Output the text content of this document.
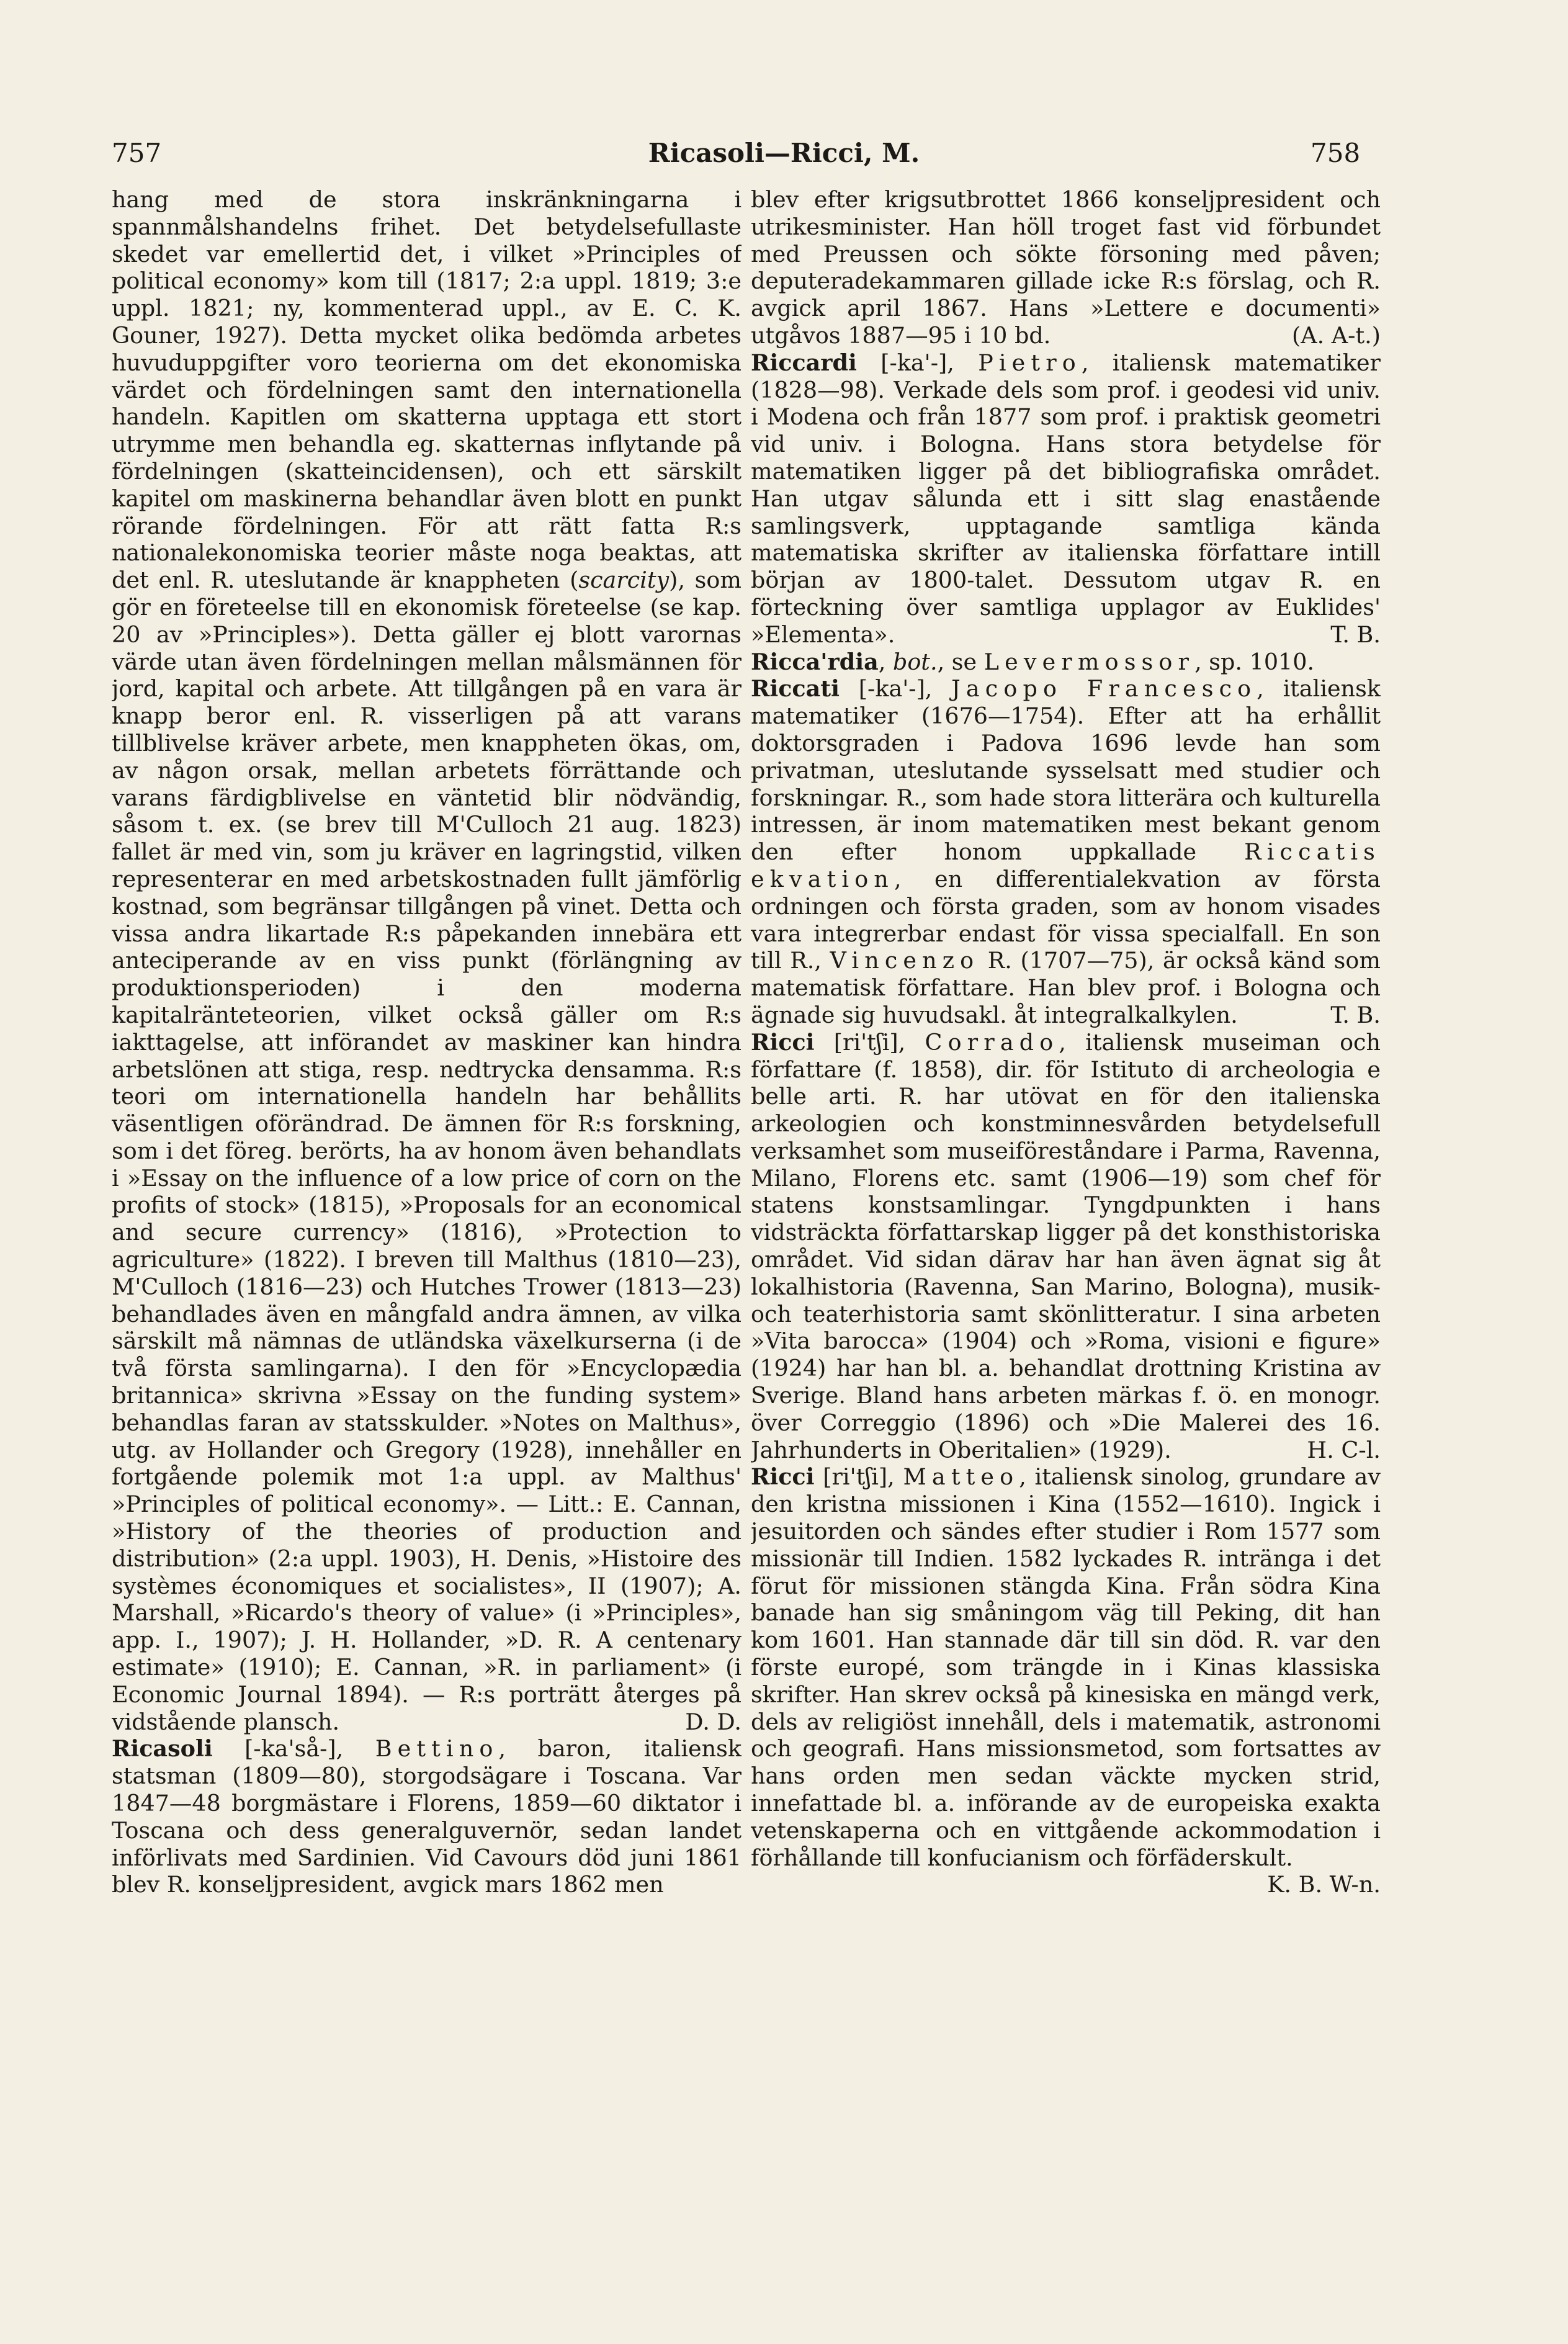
757	Ricasoli—Ricci, M.	758

hang med de stora inskränkningarna i spannmålshandelns frihet. Det betydelsefullaste skedet var emellertid det, i vilket »Principles of political economy» kom till (1817; 2:a uppl. 1819; 3:e uppl. 1821; ny, kommenterad uppl., av E. C. K. Gouner, 1927). Detta mycket olika bedömda arbetes huvuduppgifter voro teorierna om det ekonomiska värdet och fördelningen samt den internationella handeln. Kapitlen om skatterna upptaga ett stort utrymme men behandla eg. skatternas inflytande på fördelningen (skatteincidensen), och ett särskilt kapitel om maskinerna behandlar även blott en punkt rörande fördelningen. För att rätt fatta R:s nationalekonomiska teorier måste noga beaktas, att det enl. R. uteslutande är knappheten (scarcity), som gör en företeelse till en ekonomisk företeelse (se kap. 20 av »Principles»). Detta gäller ej blott varornas värde utan även fördelningen mellan målsmännen för jord, kapital och arbete. Att tillgången på en vara är knapp beror enl. R. visserligen på att varans tillblivelse kräver arbete, men knappheten ökas, om, av någon orsak, mellan arbetets förrättande och varans färdigblivelse en väntetid blir nödvändig, såsom t. ex. (se brev till M'Culloch 21 aug. 1823) fallet är med vin, som ju kräver en lagringstid, vilken representerar en med arbetskostnaden fullt jämförlig kostnad, som begränsar tillgången på vinet. Detta och vissa andra likartade R:s påpekanden innebära ett anteciperande av en viss punkt (förlängning av produktionsperioden) i den moderna kapitalränteteorien, vilket också gäller om R:s iakttagelse, att införandet av maskiner kan hindra arbetslönen att stiga, resp. nedtrycka densamma. R:s teori om internationella handeln har behållits väsentligen oförändrad. De ämnen för R:s forskning, som i det föreg. berörts, ha av honom även behandlats i »Essay on the influence of a low price of corn on the profits of stock» (1815), »Proposals for an economical and secure currency» (1816), »Protection to agriculture» (1822). I breven till Malthus (1810—23), M'Culloch (1816—23) och Hutches Trower (1813—23) behandlades även en mångfald andra ämnen, av vilka särskilt må nämnas de utländska växelkurserna (i de två första samlingarna). I den för »Encyclopædia britannica» skrivna »Essay on the funding system» behandlas faran av statsskulder. »Notes on Malthus», utg. av Hollander och Gregory (1928), innehåller en fortgående polemik mot 1:a uppl. av Malthus' »Principles of political economy». — Litt.: E. Cannan, »History of the theories of production and distribution» (2:a uppl. 1903), H. Denis, »Histoire des systèmes économiques et socialistes», II (1907); A. Marshall, »Ricardo's theory of value» (i »Principles», app. I., 1907); J. H. Hollander, »D. R. A centenary estimate» (1910); E. Cannan, »R. in parliament» (i Economic Journal 1894). — R:s porträtt återges på vidstående plansch.	D. D.

Ricasoli [-ka'så-], Bettino, baron, italiensk statsman (1809—80), storgodsägare i Toscana. Var 1847—48 borgmästare i Florens, 1859—60 diktator i Toscana och dess generalguvernör, sedan landet införlivats med Sardinien. Vid Cavours död juni 1861 blev R. konseljpresident, avgick mars 1862 men

blev efter krigsutbrottet 1866 konseljpresident och utrikesminister. Han höll troget fast vid förbundet med Preussen och sökte försoning med påven; deputeradekammaren gillade icke R:s förslag, och R. avgick april 1867. Hans »Lettere e documenti» utgåvos 1887—95 i 10 bd.	(A. A-t.)

Riccardi [-ka'-], Pietro, italiensk matematiker (1828—98). Verkade dels som prof. i geodesi vid univ. i Modena och från 1877 som prof. i praktisk geometri vid univ. i Bologna. Hans stora betydelse för matematiken ligger på det bibliografiska området. Han utgav sålunda ett i sitt slag enastående samlingsverk, upptagande samtliga kända matematiska skrifter av italienska författare intill början av 1800-talet. Dessutom utgav R. en förteckning över samtliga upplagor av Euklides' »Elementa».	T. B.

Ricca'rdia, bot., se Levermossor, sp. 1010.

Riccati [-ka'-], Jacopo Francesco, italiensk matematiker (1676—1754). Efter att ha erhållit doktorsgraden i Padova 1696 levde han som privatman, uteslutande sysselsatt med studier och forskningar. R., som hade stora litterära och kulturella intressen, är inom matematiken mest bekant genom den efter honom uppkallade Riccatis ekvation, en differentialekvation av första ordningen och första graden, som av honom visades vara integrerbar endast för vissa specialfall. En son till R., Vincenzo R. (1707—75), är också känd som matematisk författare. Han blev prof. i Bologna och ägnade sig huvudsakl. åt integralkalkylen.	T. B.

Ricci [ri'tʃi], Corrado, italiensk museiman och författare (f. 1858), dir. för Istituto di archeologia e belle arti. R. har utövat en för den italienska arkeologien och konstminnesvården betydelsefull verksamhet som museiföreståndare i Parma, Ravenna, Milano, Florens etc. samt (1906—19) som chef för statens konstsamlingar. Tyngdpunkten i hans vidsträckta författarskap ligger på det konsthistoriska området. Vid sidan därav har han även ägnat sig åt lokalhistoria (Ravenna, San Marino, Bologna), musik- och teaterhistoria samt skönlitteratur. I sina arbeten »Vita barocca» (1904) och »Roma, visioni e figure» (1924) har han bl. a. behandlat drottning Kristina av Sverige. Bland hans arbeten märkas f. ö. en monogr. över Correggio (1896) och »Die Malerei des 16. Jahrhunderts in Oberitalien» (1929).	H. C-l.

Ricci [ri'tʃi], Matteo, italiensk sinolog, grundare av den kristna missionen i Kina (1552—1610). Ingick i jesuitorden och sändes efter studier i Rom 1577 som missionär till Indien. 1582 lyckades R. intränga i det förut för missionen stängda Kina. Från södra Kina banade han sig småningom väg till Peking, dit han kom 1601. Han stannade där till sin död. R. var den förste europé, som trängde in i Kinas klassiska skrifter. Han skrev också på kinesiska en mängd verk, dels av religiöst innehåll, dels i matematik, astronomi och geografi. Hans missionsmetod, som fortsattes av hans orden men sedan väckte mycken strid, innefattade bl. a. införande av de europeiska exakta vetenskaperna och en vittgående ackommodation i förhållande till konfucianism och förfäderskult.
K. B. W-n.
